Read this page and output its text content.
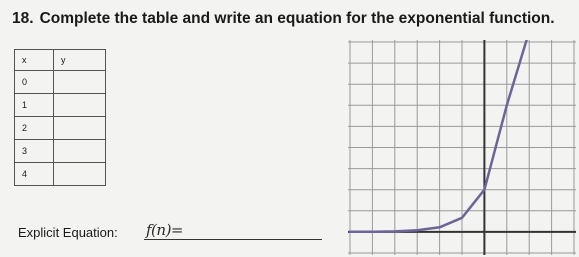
18. Complete the table and write an equation for the exponential function.
x	y
0	
1	
2	
3	
4	
Explicit Equation: f(n)=
